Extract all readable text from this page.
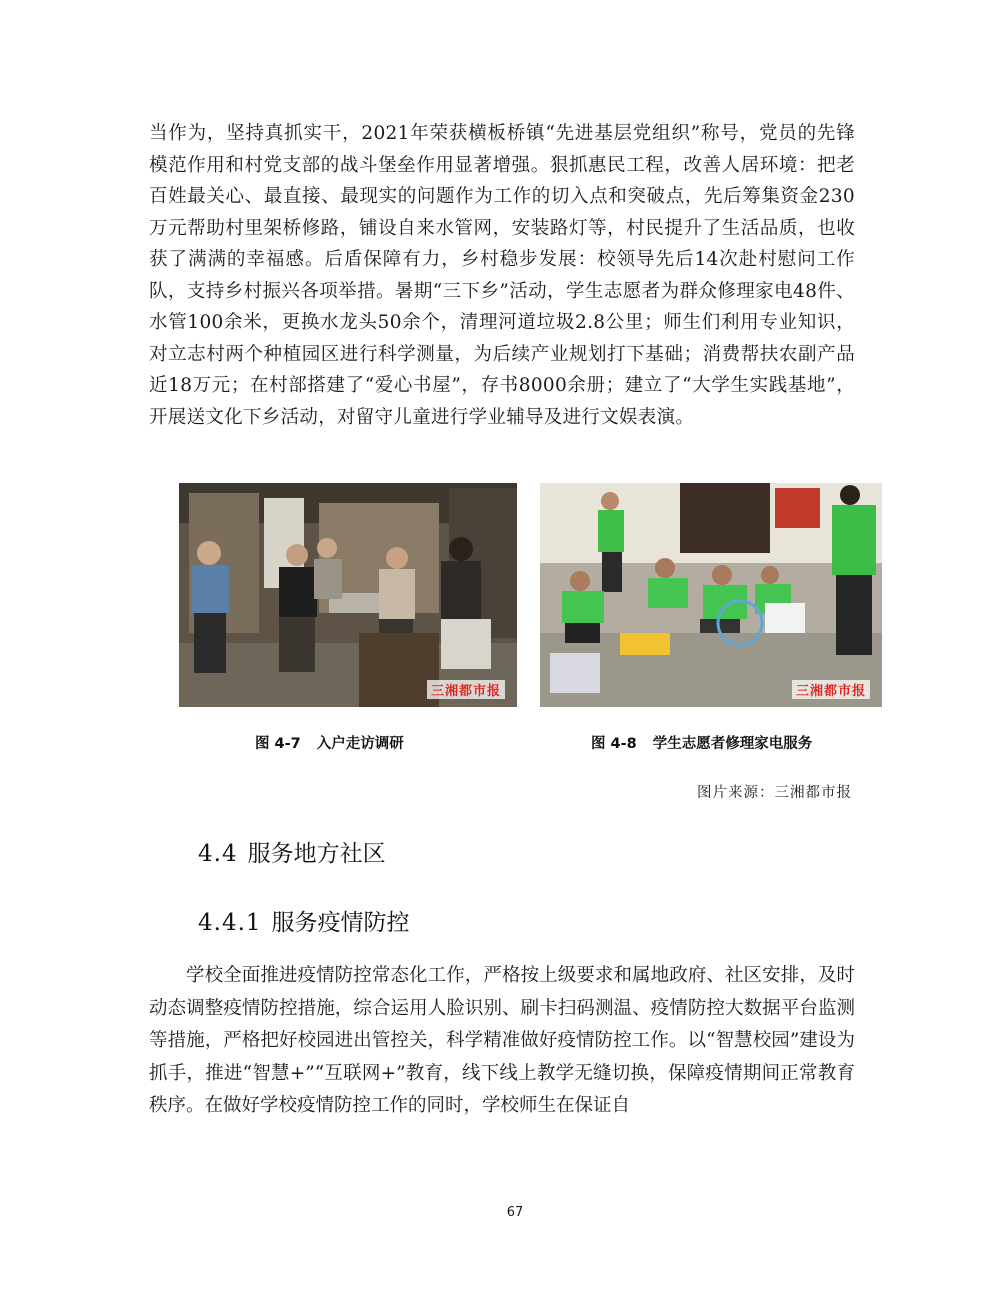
当作为，坚持真抓实干，2021年荣获横板桥镇“先进基层党组织”称号，党员的先锋模范作用和村党支部的战斗堡垒作用显著增强。狠抓惠民工程，改善人居环境：把老百姓最关心、最直接、最现实的问题作为工作的切入点和突破点，先后筹集资金230万元帮助村里架桥修路，铺设自来水管网，安装路灯等，村民提升了生活品质，也收获了满满的幸福感。后盾保障有力，乡村稳步发展：校领导先后14次赴村慰问工作队，支持乡村振兴各项举措。暑期“三下乡”活动，学生志愿者为群众修理家电48件、水管100余米，更换水龙头50余个，清理河道垃圾2.8公里；师生们利用专业知识，对立志村两个种植园区进行科学测量，为后续产业规划打下基础；消费帮扶农副产品近18万元；在村部搭建了“爱心书屋”，存书8000余册；建立了“大学生实践基地”，开展送文化下乡活动，对留守儿童进行学业辅导及进行文娱表演。

三湘都市报	三湘都市报
图 4-7 入户走访调研	图 4-8 学生志愿者修理家电服务
图片来源：三湘都市报
4.4 服务地方社区
4.4.1 服务疫情防控

学校全面推进疫情防控常态化工作，严格按上级要求和属地政府、社区安排，及时动态调整疫情防控措施，综合运用人脸识别、刷卡扫码测温、疫情防控大数据平台监测等措施，严格把好校园进出管控关，科学精准做好疫情防控工作。以“智慧校园”建设为抓手，推进“智慧+”“互联网+”教育，线下线上教学无缝切换，保障疫情期间正常教育秩序。在做好学校疫情防控工作的同时，学校师生在保证自

67
